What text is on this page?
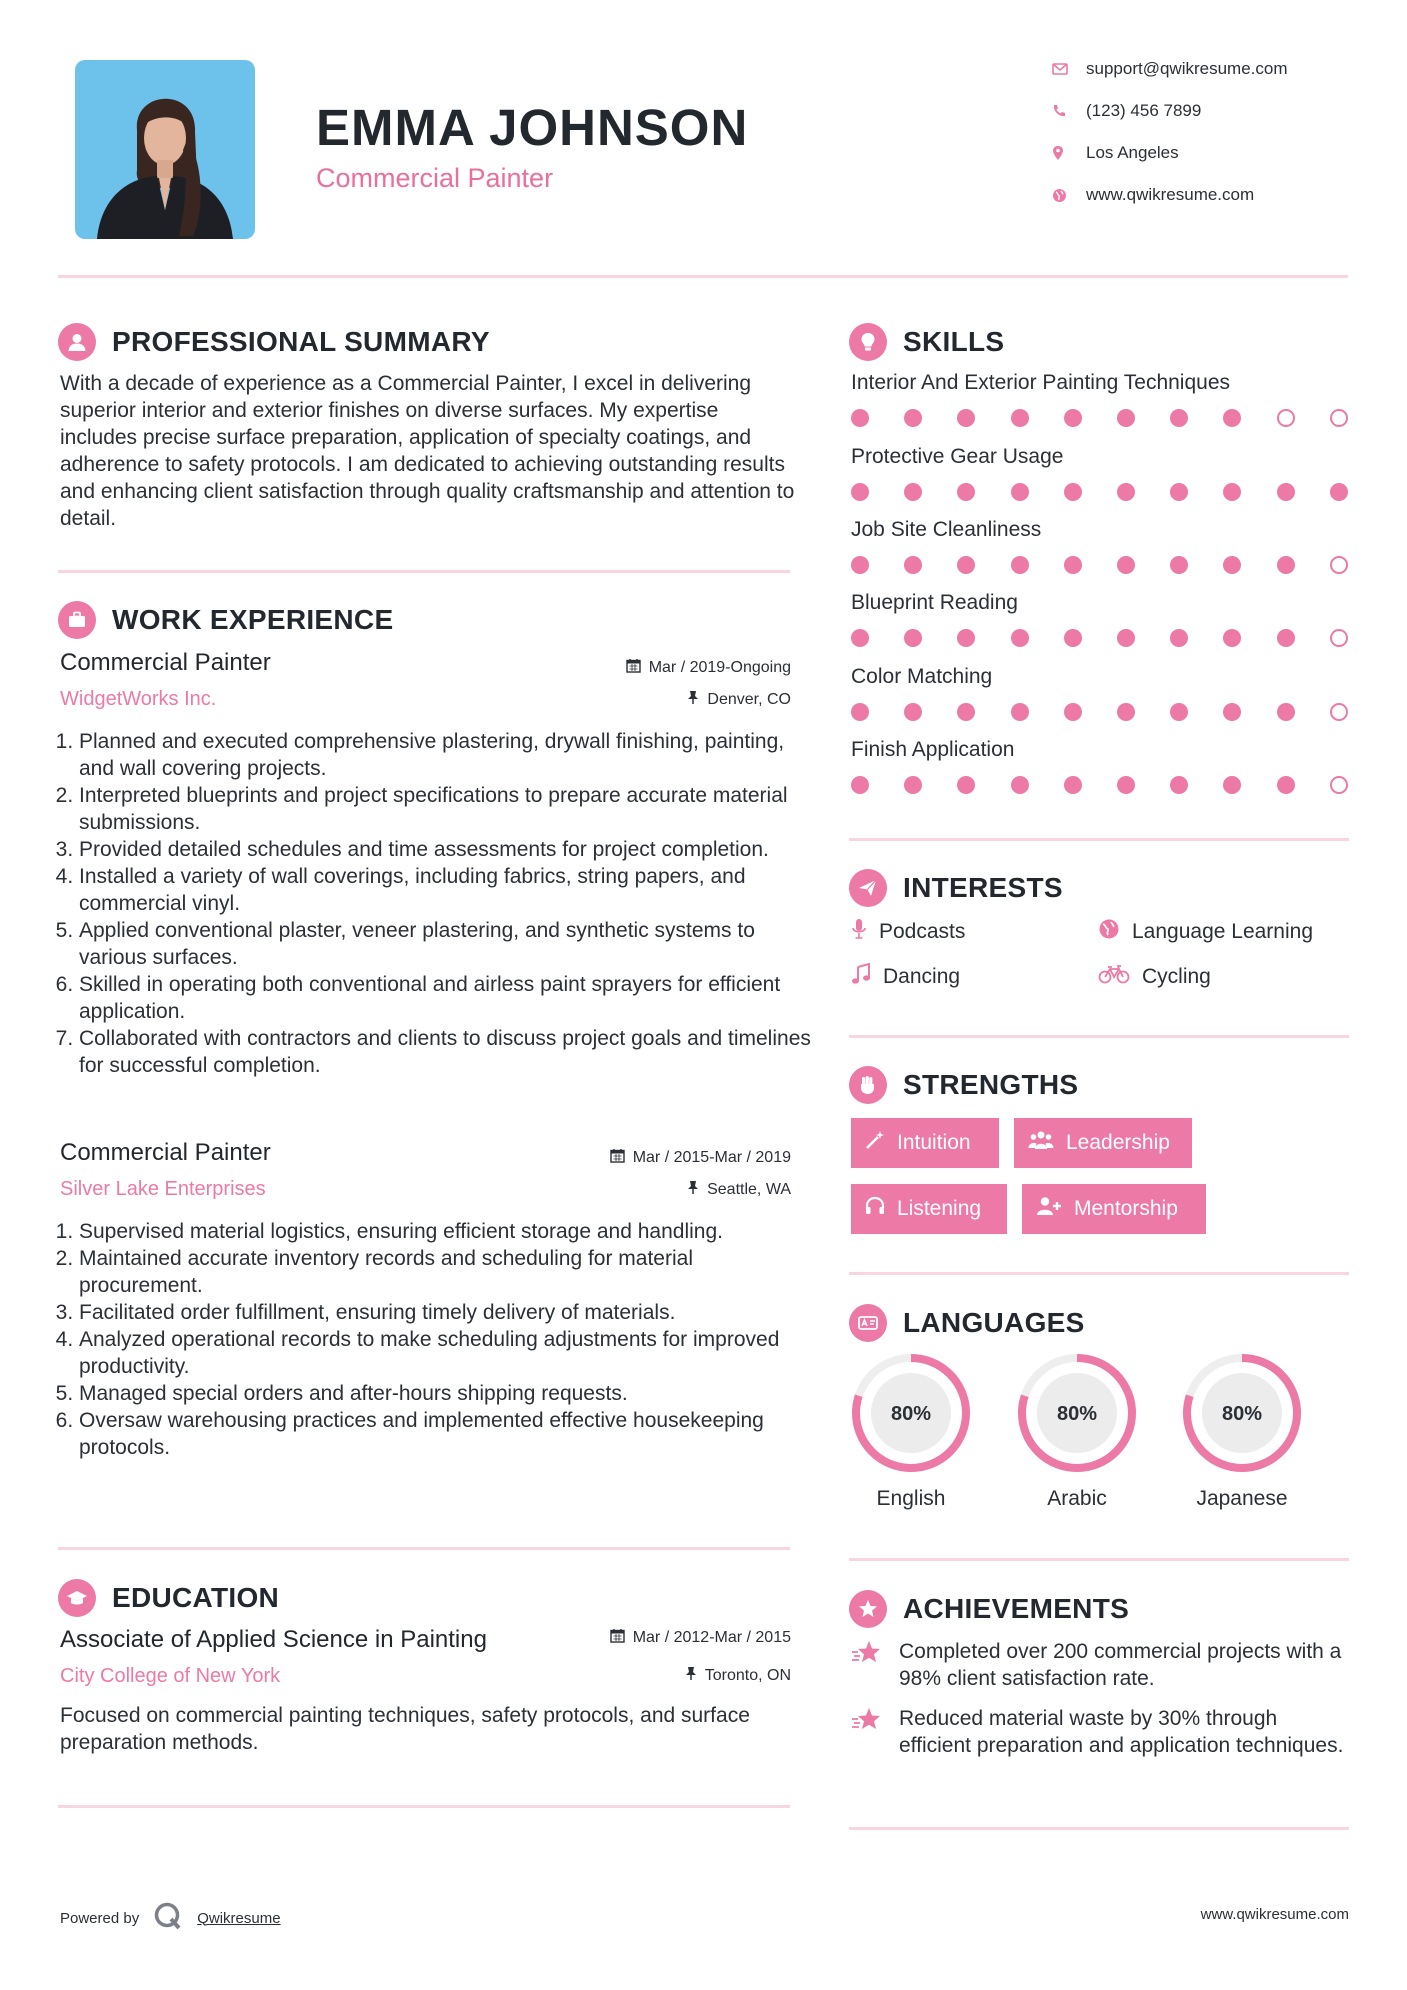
EMMA JOHNSON
Commercial Painter
support@qwikresume.com
(123) 456 7899
Los Angeles
www.qwikresume.com
PROFESSIONAL SUMMARY
With a decade of experience as a Commercial Painter, I excel in delivering superior interior and exterior finishes on diverse surfaces. My expertise includes precise surface preparation, application of specialty coatings, and adherence to safety protocols. I am dedicated to achieving outstanding results and enhancing client satisfaction through quality craftsmanship and attention to detail.
WORK EXPERIENCE
Commercial Painter
WidgetWorks Inc.
Mar / 2019-Ongoing
Denver, CO
1. Planned and executed comprehensive plastering, drywall finishing, painting, and wall covering projects.
2. Interpreted blueprints and project specifications to prepare accurate material submissions.
3. Provided detailed schedules and time assessments for project completion.
4. Installed a variety of wall coverings, including fabrics, string papers, and commercial vinyl.
5. Applied conventional plaster, veneer plastering, and synthetic systems to various surfaces.
6. Skilled in operating both conventional and airless paint sprayers for efficient application.
7. Collaborated with contractors and clients to discuss project goals and timelines for successful completion.
Commercial Painter
Silver Lake Enterprises
Mar / 2015-Mar / 2019
Seattle, WA
1. Supervised material logistics, ensuring efficient storage and handling.
2. Maintained accurate inventory records and scheduling for material procurement.
3. Facilitated order fulfillment, ensuring timely delivery of materials.
4. Analyzed operational records to make scheduling adjustments for improved productivity.
5. Managed special orders and after-hours shipping requests.
6. Oversaw warehousing practices and implemented effective housekeeping protocols.
EDUCATION
Associate of Applied Science in Painting
City College of New York
Mar / 2012-Mar / 2015
Toronto, ON
Focused on commercial painting techniques, safety protocols, and surface preparation methods.
SKILLS
Interior And Exterior Painting Techniques
Protective Gear Usage
Job Site Cleanliness
Blueprint Reading
Color Matching
Finish Application
INTERESTS
Podcasts	Language Learning
Dancing	Cycling
STRENGTHS
Intuition	Leadership
Listening	Mentorship
LANGUAGES
80%
English
80%
Arabic
80%
Japanese
ACHIEVEMENTS
Completed over 200 commercial projects with a 98% client satisfaction rate.
Reduced material waste by 30% through efficient preparation and application techniques.
Powered by	Qwikresume	www.qwikresume.com
